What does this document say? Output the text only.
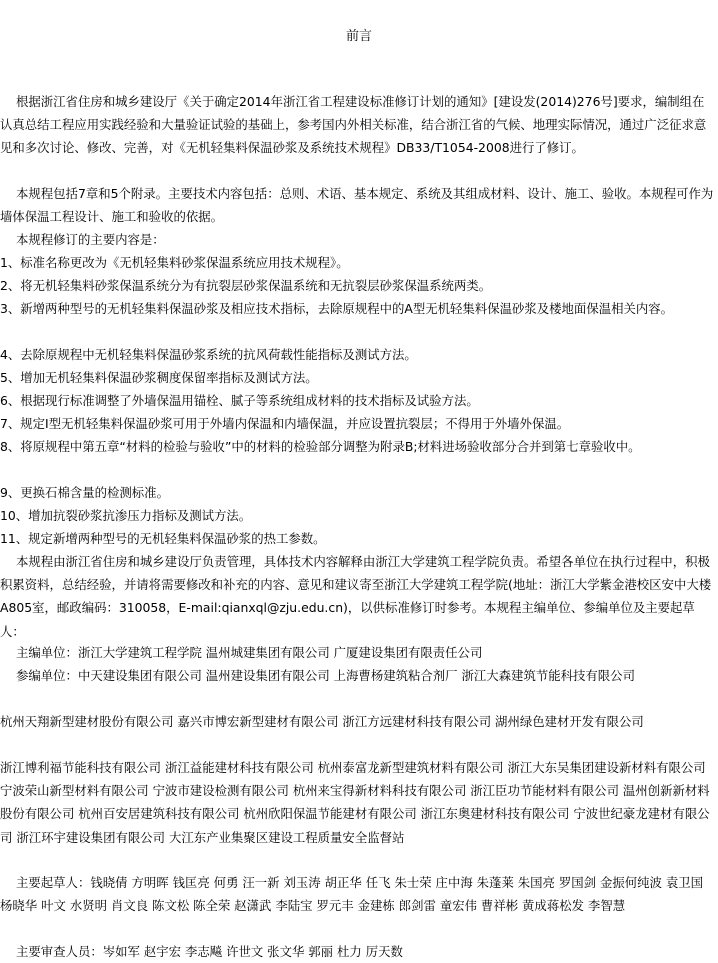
前言

根据浙江省住房和城乡建设厅《关于确定2014年浙江省工程建设标准修订计划的通知》[建设发(2014)276号]要求，编制组在认真总结工程应用实践经验和大量验证试验的基础上，参考国内外相关标准，结合浙江省的气候、地理实际情况，通过广泛征求意见和多次讨论、修改、完善，对《无机轻集料保温砂浆及系统技术规程》DB33/T1054-2008进行了修订。

本规程包括7章和5个附录。主要技术内容包括：总则、术语、基本规定、系统及其组成材料、设计、施工、验收。本规程可作为墙体保温工程设计、施工和验收的依据。

本规程修订的主要内容是：

1、标准名称更改为《无机轻集料砂浆保温系统应用技术规程》。

2、将无机轻集料砂浆保温系统分为有抗裂层砂浆保温系统和无抗裂层砂浆保温系统两类。

3、新增两种型号的无机轻集料保温砂浆及相应技术指标，去除原规程中的A型无机轻集料保温砂浆及楼地面保温相关内容。

4、去除原规程中无机轻集料保温砂浆系统的抗风荷载性能指标及测试方法。

5、增加无机轻集料保温砂浆稠度保留率指标及测试方法。

6、根据现行标准调整了外墙保温用锚栓、腻子等系统组成材料的技术指标及试验方法。

7、规定I型无机轻集料保温砂浆可用于外墙内保温和内墙保温，并应设置抗裂层；不得用于外墙外保温。

8、将原规程中第五章“材料的检验与验收”中的材料的检验部分调整为附录B;材料进场验收部分合并到第七章验收中。

9、更换石棉含量的检测标准。

10、增加抗裂砂浆抗渗压力指标及测试方法。

11、规定新增两种型号的无机轻集料保温砂浆的热工参数。

本规程由浙江省住房和城乡建设厅负责管理，具体技术内容解释由浙江大学建筑工程学院负责。希望各单位在执行过程中，积极积累资料，总结经验，并请将需要修改和补充的内容、意见和建议寄至浙江大学建筑工程学院(地址：浙江大学紫金港校区安中大楼A805室，邮政编码：310058，E-mail:qianxql@zju.edu.cn)，以供标准修订时参考。本规程主编单位、参编单位及主要起草人：

主编单位：浙江大学建筑工程学院 温州城建集团有限公司 广厦建设集团有限责任公司
参编单位：中天建设集团有限公司 温州建设集团有限公司 上海曹杨建筑粘合剂厂 浙江大森建筑节能科技有限公司

杭州天翔新型建材股份有限公司 嘉兴市博宏新型建材有限公司 浙江方远建材科技有限公司 湖州绿色建材开发有限公司

浙江博利福节能科技有限公司 浙江益能建材科技有限公司 杭州泰富龙新型建筑材料有限公司 浙江大东吴集团建设新材料有限公司 宁波荣山新型材料有限公司 宁波市建设检测有限公司 杭州来宝得新材料科技有限公司 浙江臣功节能材料有限公司 温州创新新材料股份有限公司 杭州百安居建筑科技有限公司 杭州欣阳保温节能建材有限公司 浙江东奥建材科技有限公司 宁波世纪豪龙建材有限公司 浙江环宇建设集团有限公司 大江东产业集聚区建设工程质量安全监督站

主要起草人：钱晓倩 方明晖 钱匡亮 何勇 汪一新 刘玉涛 胡正华 任飞 朱士荣 庄中海 朱蓬莱 朱国亮 罗国剑 金振何纯波 袁卫国 杨晓华 叶文 水贤明 肖文良 陈文松 陈全荣 赵潇武 李陆宝 罗元丰 金建栋 郎剑雷 童宏伟 曹祥彬 黄成蒋松发 李智慧

主要审查人员：岑如军 赵宇宏 李志飚 许世文 张文华 郭丽 杜力 厉天数
